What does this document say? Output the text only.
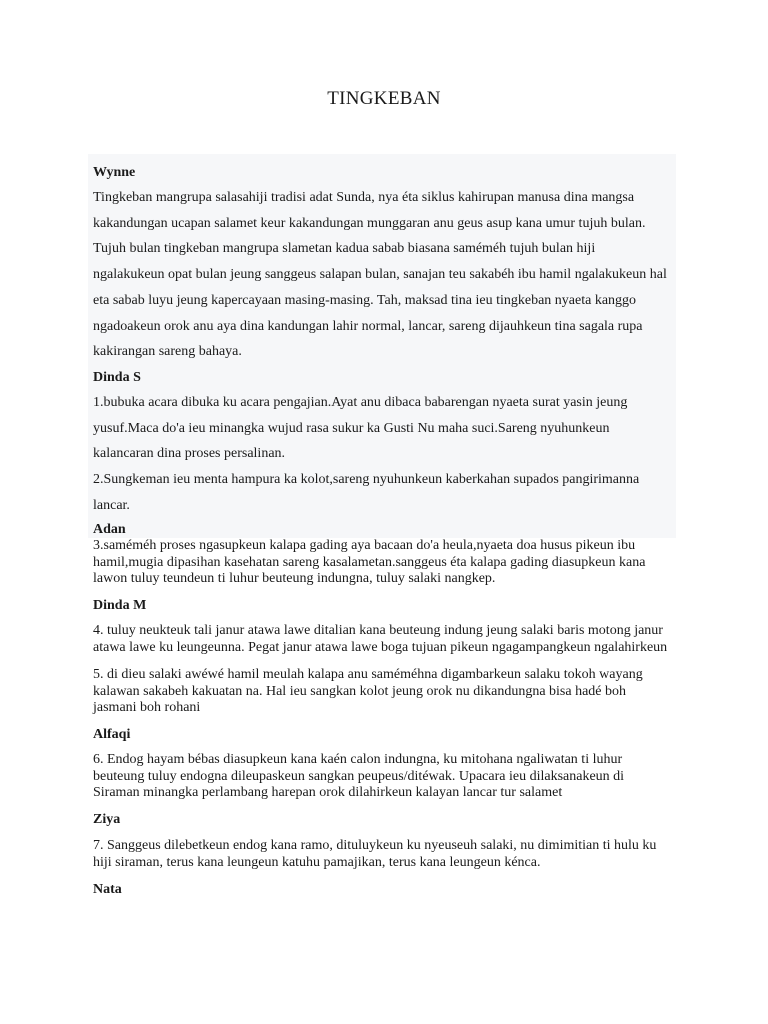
TINGKEBAN

Wynne

Tingkeban mangrupa salasahiji tradisi adat Sunda, nya éta siklus kahirupan manusa dina mangsa

kakandungan ucapan salamet keur kakandungan munggaran anu geus asup kana umur tujuh bulan.

Tujuh bulan tingkeban mangrupa slametan kadua sabab biasana saméméh tujuh bulan hiji

ngalakukeun opat bulan jeung sanggeus salapan bulan, sanajan teu sakabéh ibu hamil ngalakukeun hal

eta sabab luyu jeung kapercayaan masing-masing. Tah, maksad tina ieu tingkeban nyaeta kanggo

ngadoakeun orok anu aya dina kandungan lahir normal, lancar, sareng dijauhkeun tina sagala rupa

kakirangan sareng bahaya.

Dinda S

1.bubuka acara dibuka ku acara pengajian.Ayat anu dibaca babarengan nyaeta surat yasin jeung

yusuf.Maca do'a ieu minangka wujud rasa sukur ka Gusti Nu maha suci.Sareng nyuhunkeun

kalancaran dina proses persalinan.

2.Sungkeman ieu menta hampura ka kolot,sareng nyuhunkeun kaberkahan supados pangirimanna

lancar.

Adan

3.saméméh proses ngasupkeun kalapa gading aya bacaan do'a heula,nyaeta doa husus pikeun ibu

hamil,mugia dipasihan kasehatan sareng kasalametan.sanggeus éta kalapa gading diasupkeun kana

lawon tuluy teundeun ti luhur beuteung indungna, tuluy salaki nangkep.

Dinda M

4. tuluy neukteuk tali janur atawa lawe ditalian kana beuteung indung jeung salaki baris motong janur

atawa lawe ku leungeunna. Pegat janur atawa lawe boga tujuan pikeun ngagampangkeun ngalahirkeun

5. di dieu salaki awéwé hamil meulah kalapa anu saméméhna digambarkeun salaku tokoh wayang

kalawan sakabeh kakuatan na. Hal ieu sangkan kolot jeung orok nu dikandungna bisa hadé boh

jasmani boh rohani

Alfaqi

6. Endog hayam bébas diasupkeun kana kaén calon indungna, ku mitohana ngaliwatan ti luhur

beuteung tuluy endogna dileupaskeun sangkan peupeus/ditéwak. Upacara ieu dilaksanakeun di

Siraman minangka perlambang harepan orok dilahirkeun kalayan lancar tur salamet

Ziya

7. Sanggeus dilebetkeun endog kana ramo, dituluykeun ku nyeuseuh salaki, nu dimimitian ti hulu ku

hiji siraman, terus kana leungeun katuhu pamajikan, terus kana leungeun kénca.

Nata
